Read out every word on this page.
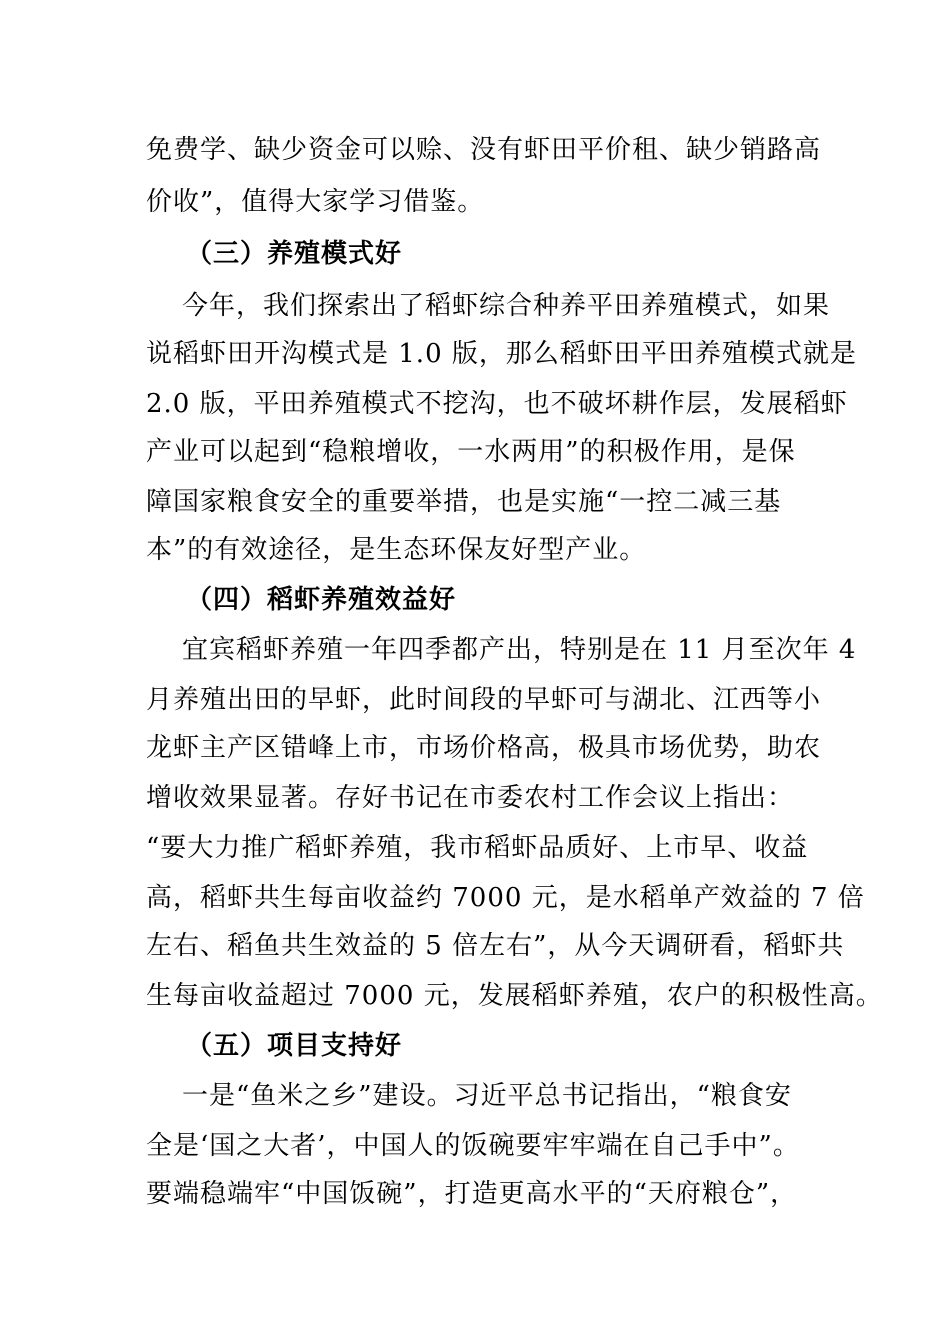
免费学、缺少资金可以赊、没有虾田平价租、缺少销路高
价收”，值得大家学习借鉴。
（三）养殖模式好
今年，我们探索出了稻虾综合种养平田养殖模式，如果
说稻虾田开沟模式是 1.0 版，那么稻虾田平田养殖模式就是
2.0 版，平田养殖模式不挖沟，也不破坏耕作层，发展稻虾
产业可以起到“稳粮增收，一水两用”的积极作用，是保
障国家粮食安全的重要举措，也是实施“一控二减三基
本”的有效途径，是生态环保友好型产业。
（四）稻虾养殖效益好
宜宾稻虾养殖一年四季都产出，特别是在 11 月至次年 4
月养殖出田的早虾，此时间段的早虾可与湖北、江西等小
龙虾主产区错峰上市，市场价格高，极具市场优势，助农
增收效果显著。存好书记在市委农村工作会议上指出：
“要大力推广稻虾养殖，我市稻虾品质好、上市早、收益
高，稻虾共生每亩收益约 7000 元，是水稻单产效益的 7 倍
左右、稻鱼共生效益的 5 倍左右”，从今天调研看，稻虾共
生每亩收益超过 7000 元，发展稻虾养殖，农户的积极性高。
（五）项目支持好
一是“鱼米之乡”建设。习近平总书记指出，“粮食安
全是‘国之大者’，中国人的饭碗要牢牢端在自己手中”。
要端稳端牢“中国饭碗”，打造更高水平的“天府粮仓”，
